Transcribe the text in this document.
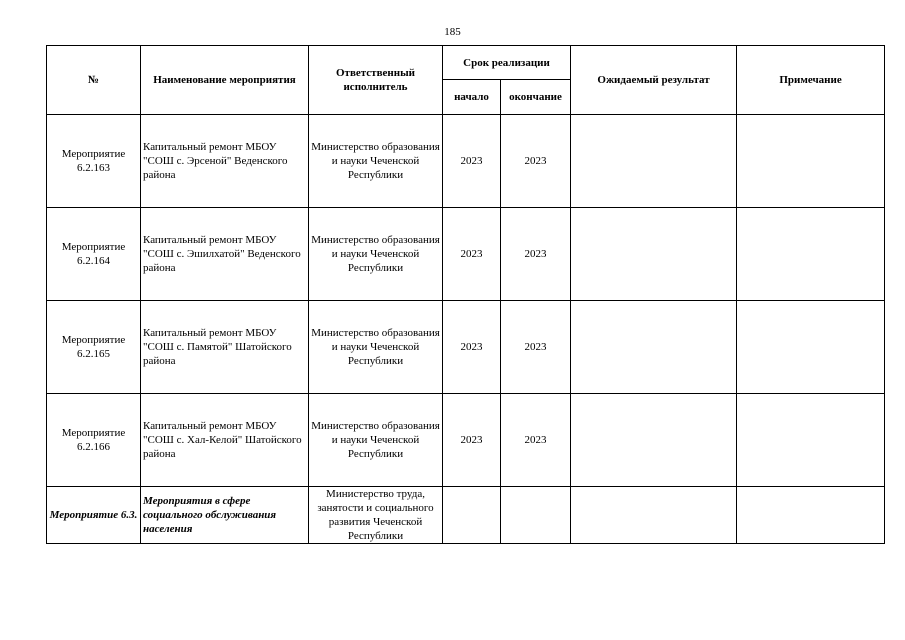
185
№	Наименование мероприятия	Ответственный исполнитель	Срок реализации		Ожидаемый результат	Примечание
			начало	окончание		
Мероприятие 6.2.163	Капитальный ремонт МБОУ "СОШ с. Эрсеной" Веденского района	Министерство образования и науки Чеченской Республики	2023	2023		
Мероприятие 6.2.164	Капитальный ремонт МБОУ "СОШ с. Эшилхатой" Веденского района	Министерство образования и науки Чеченской Республики	2023	2023		
Мероприятие 6.2.165	Капитальный ремонт МБОУ "СОШ с. Памятой" Шатойского района	Министерство образования и науки Чеченской Республики	2023	2023		
Мероприятие 6.2.166	Капитальный ремонт МБОУ "СОШ с. Хал-Келой" Шатойского района	Министерство образования и науки Чеченской Республики	2023	2023		
Мероприятие 6.3.	Мероприятия в сфере социального обслуживания населения	Министерство труда, занятости и социального развития Чеченской Республики				
